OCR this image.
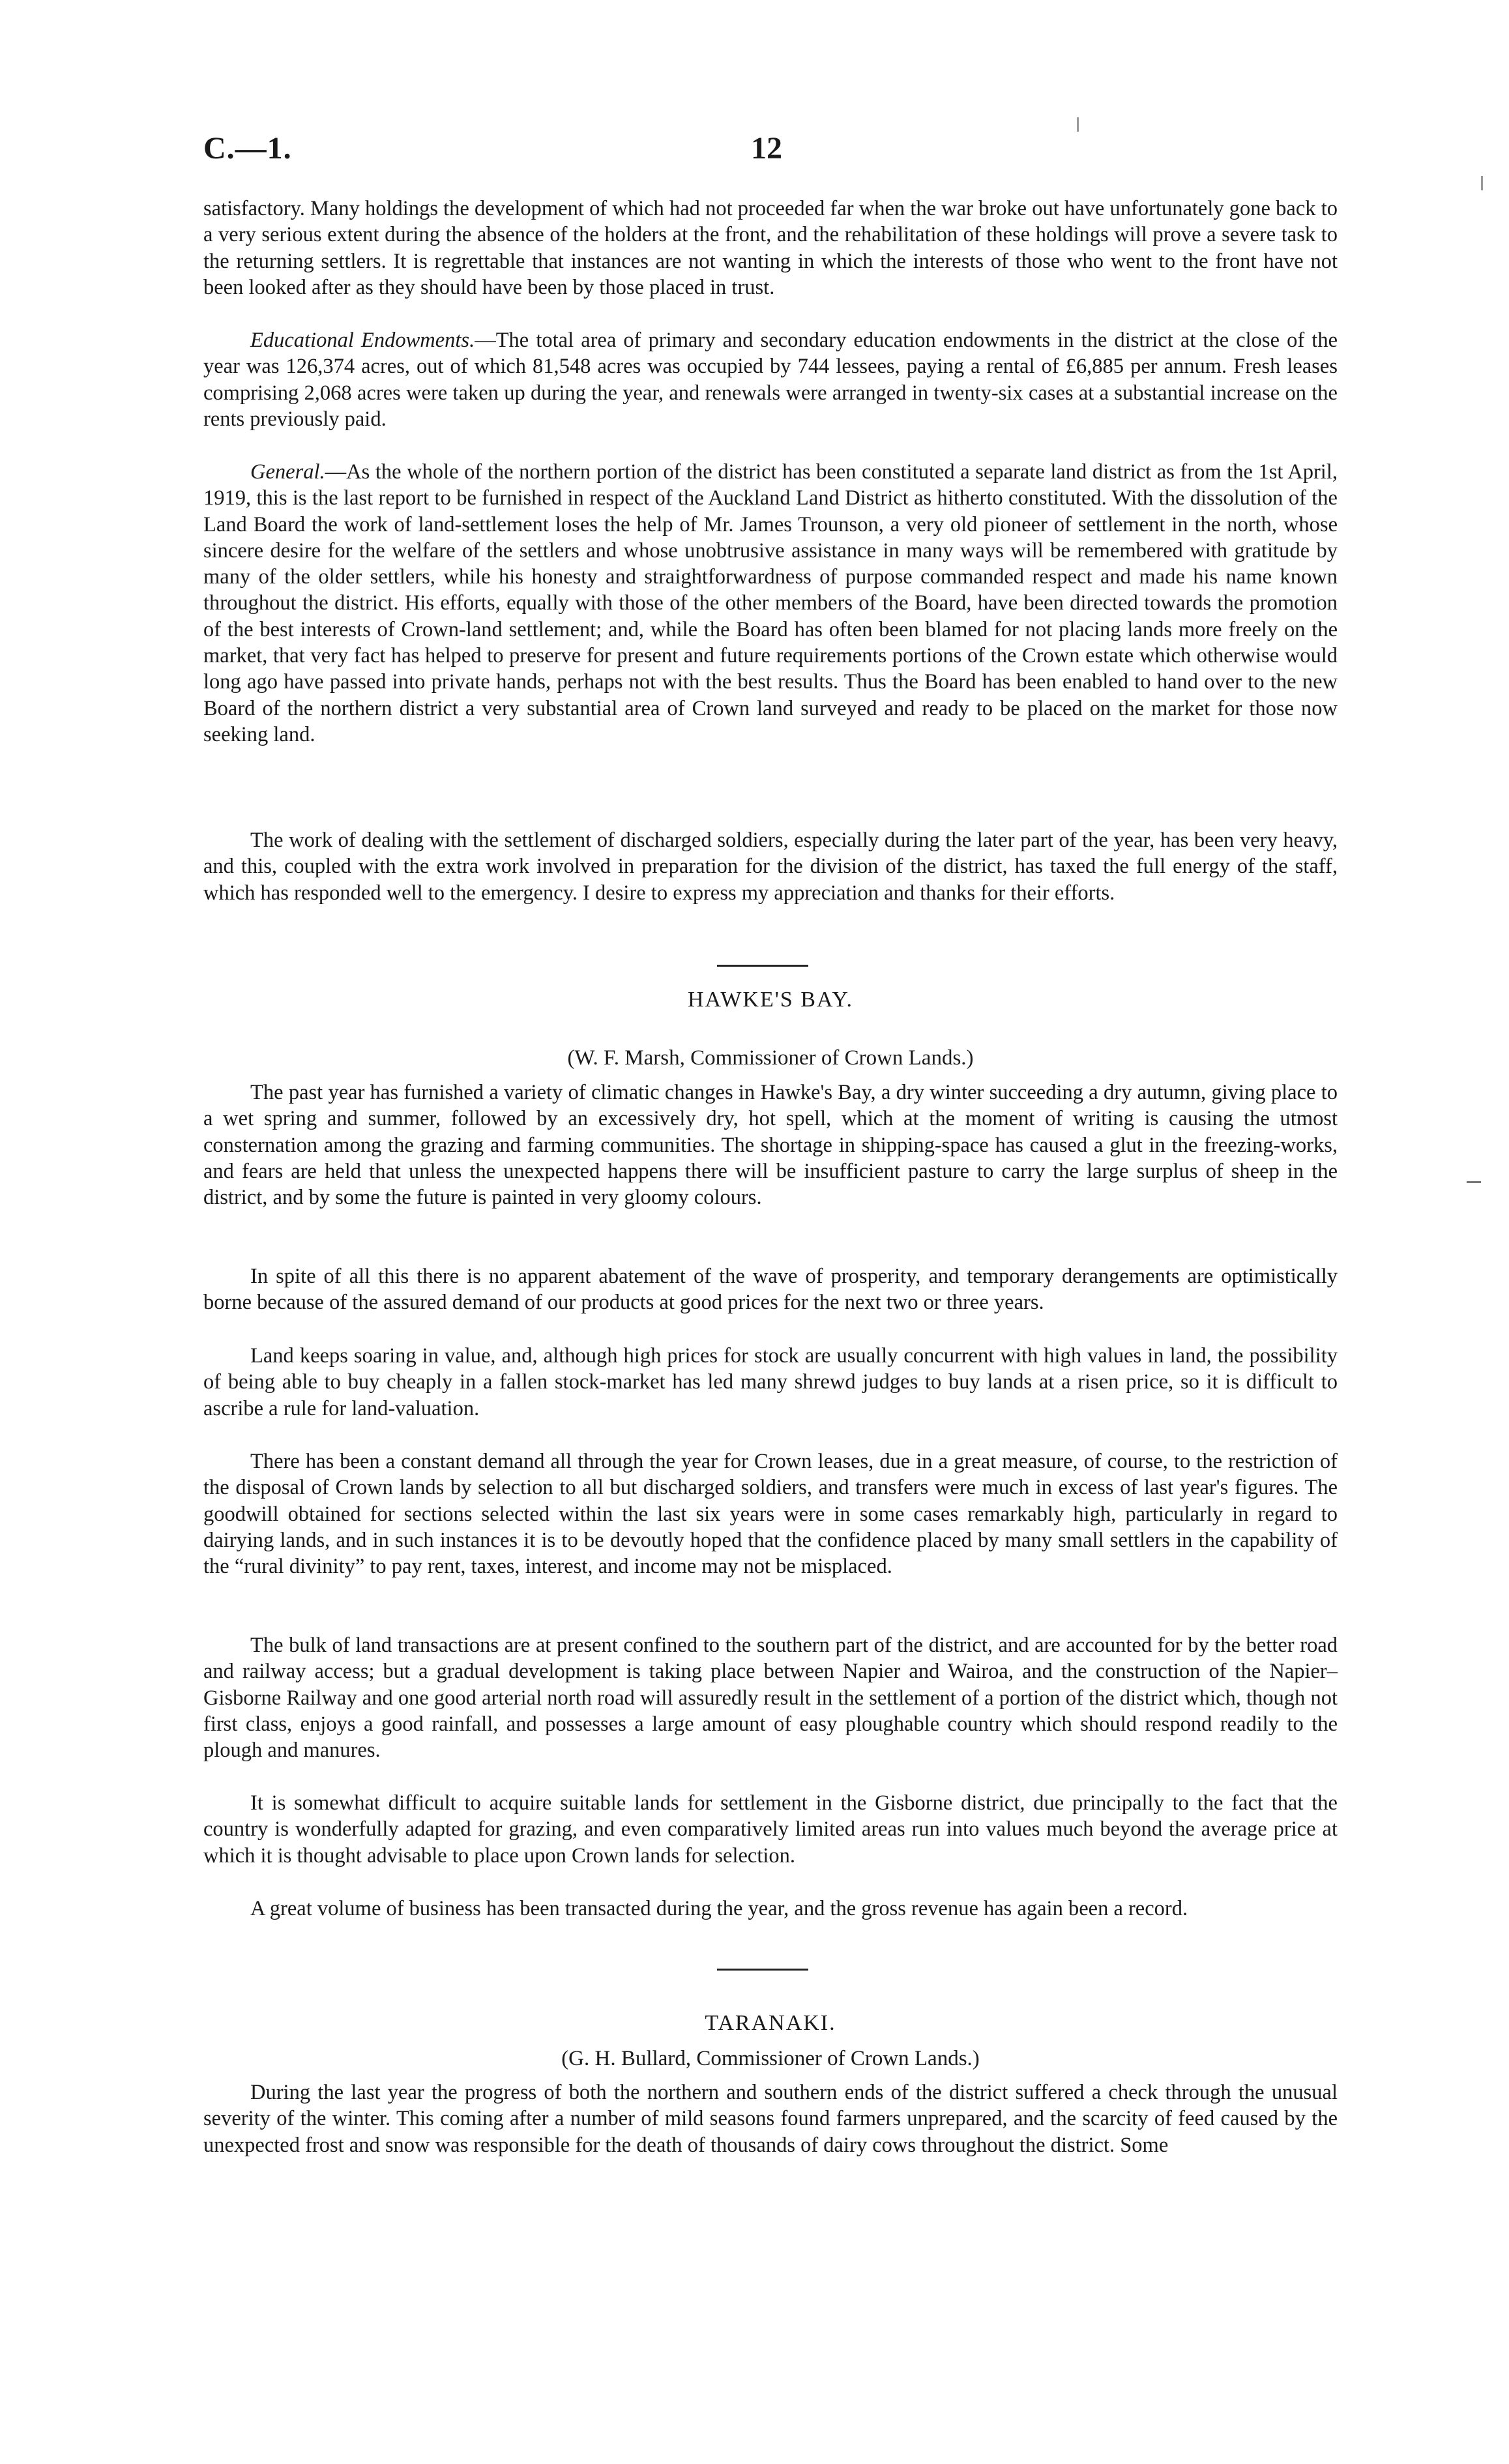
C.—1.	12

satisfactory. Many holdings the development of which had not proceeded far when the war broke out have unfortunately gone back to a very serious extent during the absence of the holders at the front, and the rehabilitation of these holdings will prove a severe task to the returning settlers. It is regrettable that instances are not wanting in which the interests of those who went to the front have not been looked after as they should have been by those placed in trust.

Educational Endowments.—The total area of primary and secondary education endowments in the district at the close of the year was 126,374 acres, out of which 81,548 acres was occupied by 744 lessees, paying a rental of £6,885 per annum. Fresh leases comprising 2,068 acres were taken up during the year, and renewals were arranged in twenty-six cases at a substantial increase on the rents previously paid.

General.—As the whole of the northern portion of the district has been constituted a separate land district as from the 1st April, 1919, this is the last report to be furnished in respect of the Auckland Land District as hitherto constituted. With the dissolution of the Land Board the work of land-settlement loses the help of Mr. James Trounson, a very old pioneer of settlement in the north, whose sincere desire for the welfare of the settlers and whose unobtrusive assistance in many ways will be remembered with gratitude by many of the older settlers, while his honesty and straightforwardness of purpose commanded respect and made his name known throughout the district. His efforts, equally with those of the other members of the Board, have been directed towards the promotion of the best interests of Crown-land settlement; and, while the Board has often been blamed for not placing lands more freely on the market, that very fact has helped to preserve for present and future requirements portions of the Crown estate which otherwise would long ago have passed into private hands, perhaps not with the best results. Thus the Board has been enabled to hand over to the new Board of the northern district a very substantial area of Crown land surveyed and ready to be placed on the market for those now seeking land.

The work of dealing with the settlement of discharged soldiers, especially during the later part of the year, has been very heavy, and this, coupled with the extra work involved in preparation for the division of the district, has taxed the full energy of the staff, which has responded well to the emergency. I desire to express my appreciation and thanks for their efforts.

HAWKE'S BAY.

(W. F. Marsh, Commissioner of Crown Lands.)

The past year has furnished a variety of climatic changes in Hawke's Bay, a dry winter succeeding a dry autumn, giving place to a wet spring and summer, followed by an excessively dry, hot spell, which at the moment of writing is causing the utmost consternation among the grazing and farming communities. The shortage in shipping-space has caused a glut in the freezing-works, and fears are held that unless the unexpected happens there will be insufficient pasture to carry the large surplus of sheep in the district, and by some the future is painted in very gloomy colours.

In spite of all this there is no apparent abatement of the wave of prosperity, and temporary derangements are optimistically borne because of the assured demand of our products at good prices for the next two or three years.

Land keeps soaring in value, and, although high prices for stock are usually concurrent with high values in land, the possibility of being able to buy cheaply in a fallen stock-market has led many shrewd judges to buy lands at a risen price, so it is difficult to ascribe a rule for land-valuation.

There has been a constant demand all through the year for Crown leases, due in a great measure, of course, to the restriction of the disposal of Crown lands by selection to all but discharged soldiers, and transfers were much in excess of last year's figures. The goodwill obtained for sections selected within the last six years were in some cases remarkably high, particularly in regard to dairying lands, and in such instances it is to be devoutly hoped that the confidence placed by many small settlers in the capability of the “rural divinity” to pay rent, taxes, interest, and income may not be misplaced.

The bulk of land transactions are at present confined to the southern part of the district, and are accounted for by the better road and railway access; but a gradual development is taking place between Napier and Wairoa, and the construction of the Napier–Gisborne Railway and one good arterial north road will assuredly result in the settlement of a portion of the district which, though not first class, enjoys a good rainfall, and possesses a large amount of easy ploughable country which should respond readily to the plough and manures.

It is somewhat difficult to acquire suitable lands for settlement in the Gisborne district, due principally to the fact that the country is wonderfully adapted for grazing, and even comparatively limited areas run into values much beyond the average price at which it is thought advisable to place upon Crown lands for selection.

A great volume of business has been transacted during the year, and the gross revenue has again been a record.

TARANAKI.

(G. H. Bullard, Commissioner of Crown Lands.)

During the last year the progress of both the northern and southern ends of the district suffered a check through the unusual severity of the winter. This coming after a number of mild seasons found farmers unprepared, and the scarcity of feed caused by the unexpected frost and snow was responsible for the death of thousands of dairy cows throughout the district. Some
